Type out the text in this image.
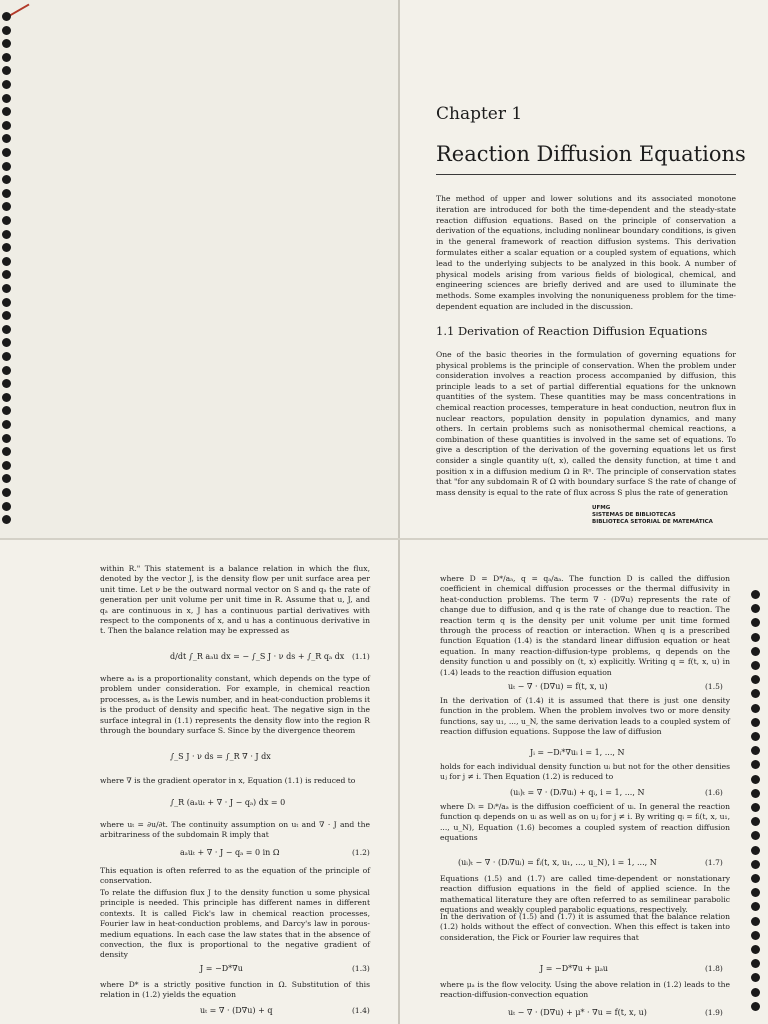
Chapter 1
Reaction Diffusion Equations
The method of upper and lower solutions and its associated monotone iteration are introduced for both the time-dependent and the steady-state reaction diffusion equations. Based on the principle of conservation a derivation of the equations, including nonlinear boundary conditions, is given in the general framework of reaction diffusion systems. This derivation formulates either a scalar equation or a coupled system of equations, which lead to the underlying subjects to be analyzed in this book. A number of physical models arising from various fields of biological, chemical, and engineering sciences are briefly derived and are used to illuminate the methods. Some examples involving the nonuniqueness problem for the time-dependent equation are included in the discussion.
1.1 Derivation of Reaction Diffusion Equations
One of the basic theories in the formulation of governing equations for physical problems is the principle of conservation. When the problem under consideration involves a reaction process accompanied by diffusion, this principle leads to a set of partial differential equations for the unknown quantities of the system. These quantities may be mass concentrations in chemical reaction processes, temperature in heat conduction, neutron flux in nuclear reactors, population density in population dynamics, and many others. In certain problems such as nonisothermal chemical reactions, a combination of these quantities is involved in the same set of equations. To give a description of the derivation of the governing equations let us first consider a single quantity u(t, x), called the density function, at time t and position x in a diffusion medium Ω in Rⁿ. The principle of conservation states that "for any subdomain R of Ω with boundary surface S the rate of change of mass density is equal to the rate of flux across S plus the rate of generation
UFMG
SISTEMAS DE BIBLIOTECAS
BIBLIOTECA SETORIAL DE MATEMÁTICA
within R." This statement is a balance relation in which the flux, denoted by the vector J, is the density flow per unit surface area per unit time. Let ν be the outward normal vector on S and qₐ the rate of generation per unit volume per unit time in R. Assume that u, J, and qₐ are continuous in x, J has a continuous partial derivatives with respect to the components of x, and u has a continuous derivative in t. Then the balance relation may be expressed as
d/dt ∫_R aₐu dx = − ∫_S J · ν ds + ∫_R qₐ dx (1.1)
where aₐ is a proportionality constant, which depends on the type of problem under consideration. For example, in chemical reaction processes, aₐ is the Lewis number, and in heat-conduction problems it is the product of density and specific heat. The negative sign in the surface integral in (1.1) represents the density flow into the region R through the boundary surface S. Since by the divergence theorem
∫_S J · ν ds = ∫_R ∇ · J dx
where ∇ is the gradient operator in x, Equation (1.1) is reduced to
∫_R (aₐuₜ + ∇ · J − qₐ) dx = 0
where uₜ = ∂u/∂t. The continuity assumption on uₜ and ∇ · J and the arbitrariness of the subdomain R imply that
aₐuₜ + ∇ · J − qₐ = 0 in Ω	(1.2)
This equation is often referred to as the equation of the principle of conservation.
To relate the diffusion flux J to the density function u some physical principle is needed. This principle has different names in different contexts. It is called Fick's law in chemical reaction processes, Fourier law in heat-conduction problems, and Darcy's law in porous-medium equations. In each case the law states that in the absence of convection, the flux is proportional to the negative gradient of density
J = −D*∇u	(1.3)
where D* is a strictly positive function in Ω. Substitution of this relation in (1.2) yields the equation
uₜ = ∇ · (D∇u) + q	(1.4)
where D = D*/aₐ, q = qₐ/aₐ. The function D is called the diffusion coefficient in chemical diffusion processes or the thermal diffusivity in heat-conduction problems. The term ∇ · (D∇u) represents the rate of change due to diffusion, and q is the rate of change due to reaction. The reaction term q is the density per unit volume per unit time formed through the process of reaction or interaction. When q is a prescribed function Equation (1.4) is the standard linear diffusion equation or heat equation. In many reaction-diffusion-type problems, q depends on the density function u and possibly on (t, x) explicitly. Writing q = f(t, x, u) in (1.4) leads to the reaction diffusion equation
uₜ − ∇ · (D∇u) = f(t, x, u)	(1.5)
In the derivation of (1.4) it is assumed that there is just one density function in the problem. When the problem involves two or more density functions, say u₁, ..., u_N, the same derivation leads to a coupled system of reaction diffusion equations. Suppose the law of diffusion
Jᵢ = −Dᵢ*∇uᵢ i = 1, ..., N
holds for each individual density function uᵢ but not for the other densities uⱼ for j ≠ i. Then Equation (1.2) is reduced to
(uᵢ)ₜ = ∇ · (Dᵢ∇uᵢ) + qᵢ, i = 1, ..., N	(1.6)
where Dᵢ = Dᵢ*/aₐ is the diffusion coefficient of uᵢ. In general the reaction function qᵢ depends on uᵢ as well as on uⱼ for j ≠ i. By writing qᵢ = fᵢ(t, x, u₁, ..., u_N), Equation (1.6) becomes a coupled system of reaction diffusion equations
(uᵢ)ₜ − ∇ · (Dᵢ∇uᵢ) = fᵢ(t, x, u₁, ..., u_N), i = 1, ..., N	(1.7)
Equations (1.5) and (1.7) are called time-dependent or nonstationary reaction diffusion equations in the field of applied science. In the mathematical literature they are often referred to as semilinear parabolic equations and weakly coupled parabolic equations, respectively.
In the derivation of (1.5) and (1.7) it is assumed that the balance relation (1.2) holds without the effect of convection. When this effect is taken into consideration, the Fick or Fourier law requires that
J = −D*∇u + μₐu	(1.8)
where μₐ is the flow velocity. Using the above relation in (1.2) leads to the reaction-diffusion-convection equation
uₜ − ∇ · (D∇u) + μ* · ∇u = f(t, x, u)	(1.9)
